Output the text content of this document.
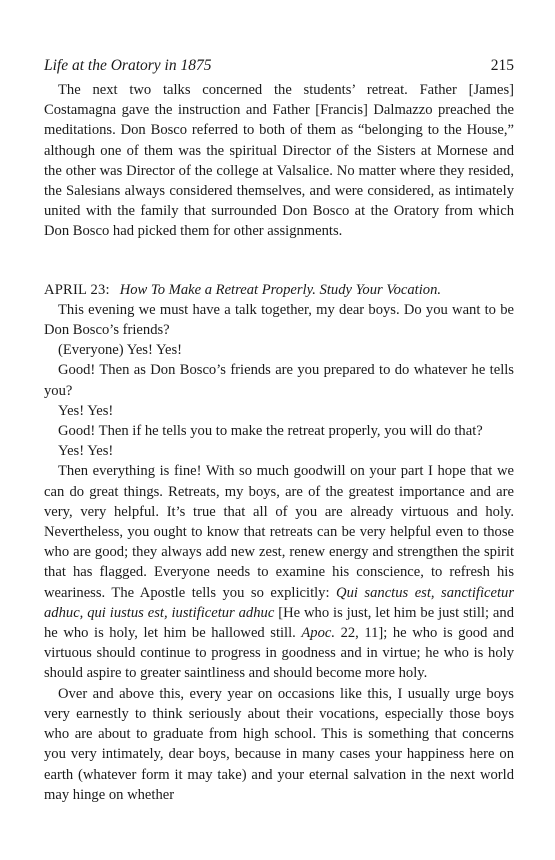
Life at the Oratory in 1875	215

The next two talks concerned the students’ retreat. Father [James] Costamagna gave the instruction and Father [Francis] Dalmazzo preached the meditations. Don Bosco referred to both of them as “belonging to the House,” although one of them was the spiritual Director of the Sisters at Mornese and the other was Director of the college at Valsalice. No matter where they resided, the Salesians always considered themselves, and were considered, as intimately united with the family that surrounded Don Bosco at the Oratory from which Don Bosco had picked them for other assignments.

APRIL 23: How To Make a Retreat Properly. Study Your Vocation.

This evening we must have a talk together, my dear boys. Do you want to be Don Bosco’s friends?

(Everyone) Yes! Yes!

Good! Then as Don Bosco’s friends are you prepared to do whatever he tells you?

Yes! Yes!

Good! Then if he tells you to make the retreat properly, you will do that?

Yes! Yes!

Then everything is fine! With so much goodwill on your part I hope that we can do great things. Retreats, my boys, are of the greatest importance and are very, very helpful. It’s true that all of you are already virtuous and holy. Nevertheless, you ought to know that retreats can be very helpful even to those who are good; they always add new zest, renew energy and strengthen the spirit that has flagged. Everyone needs to examine his conscience, to refresh his weariness. The Apostle tells you so explicitly: Qui sanctus est, sanctificetur adhuc, qui iustus est, iustificetur adhuc [He who is just, let him be just still; and he who is holy, let him be hallowed still. Apoc. 22, 11]; he who is good and virtuous should continue to progress in goodness and in virtue; he who is holy should aspire to greater saintliness and should become more holy.

Over and above this, every year on occasions like this, I usually urge boys very earnestly to think seriously about their vocations, especially those boys who are about to graduate from high school. This is something that concerns you very intimately, dear boys, because in many cases your happiness here on earth (whatever form it may take) and your eternal salvation in the next world may hinge on whether
